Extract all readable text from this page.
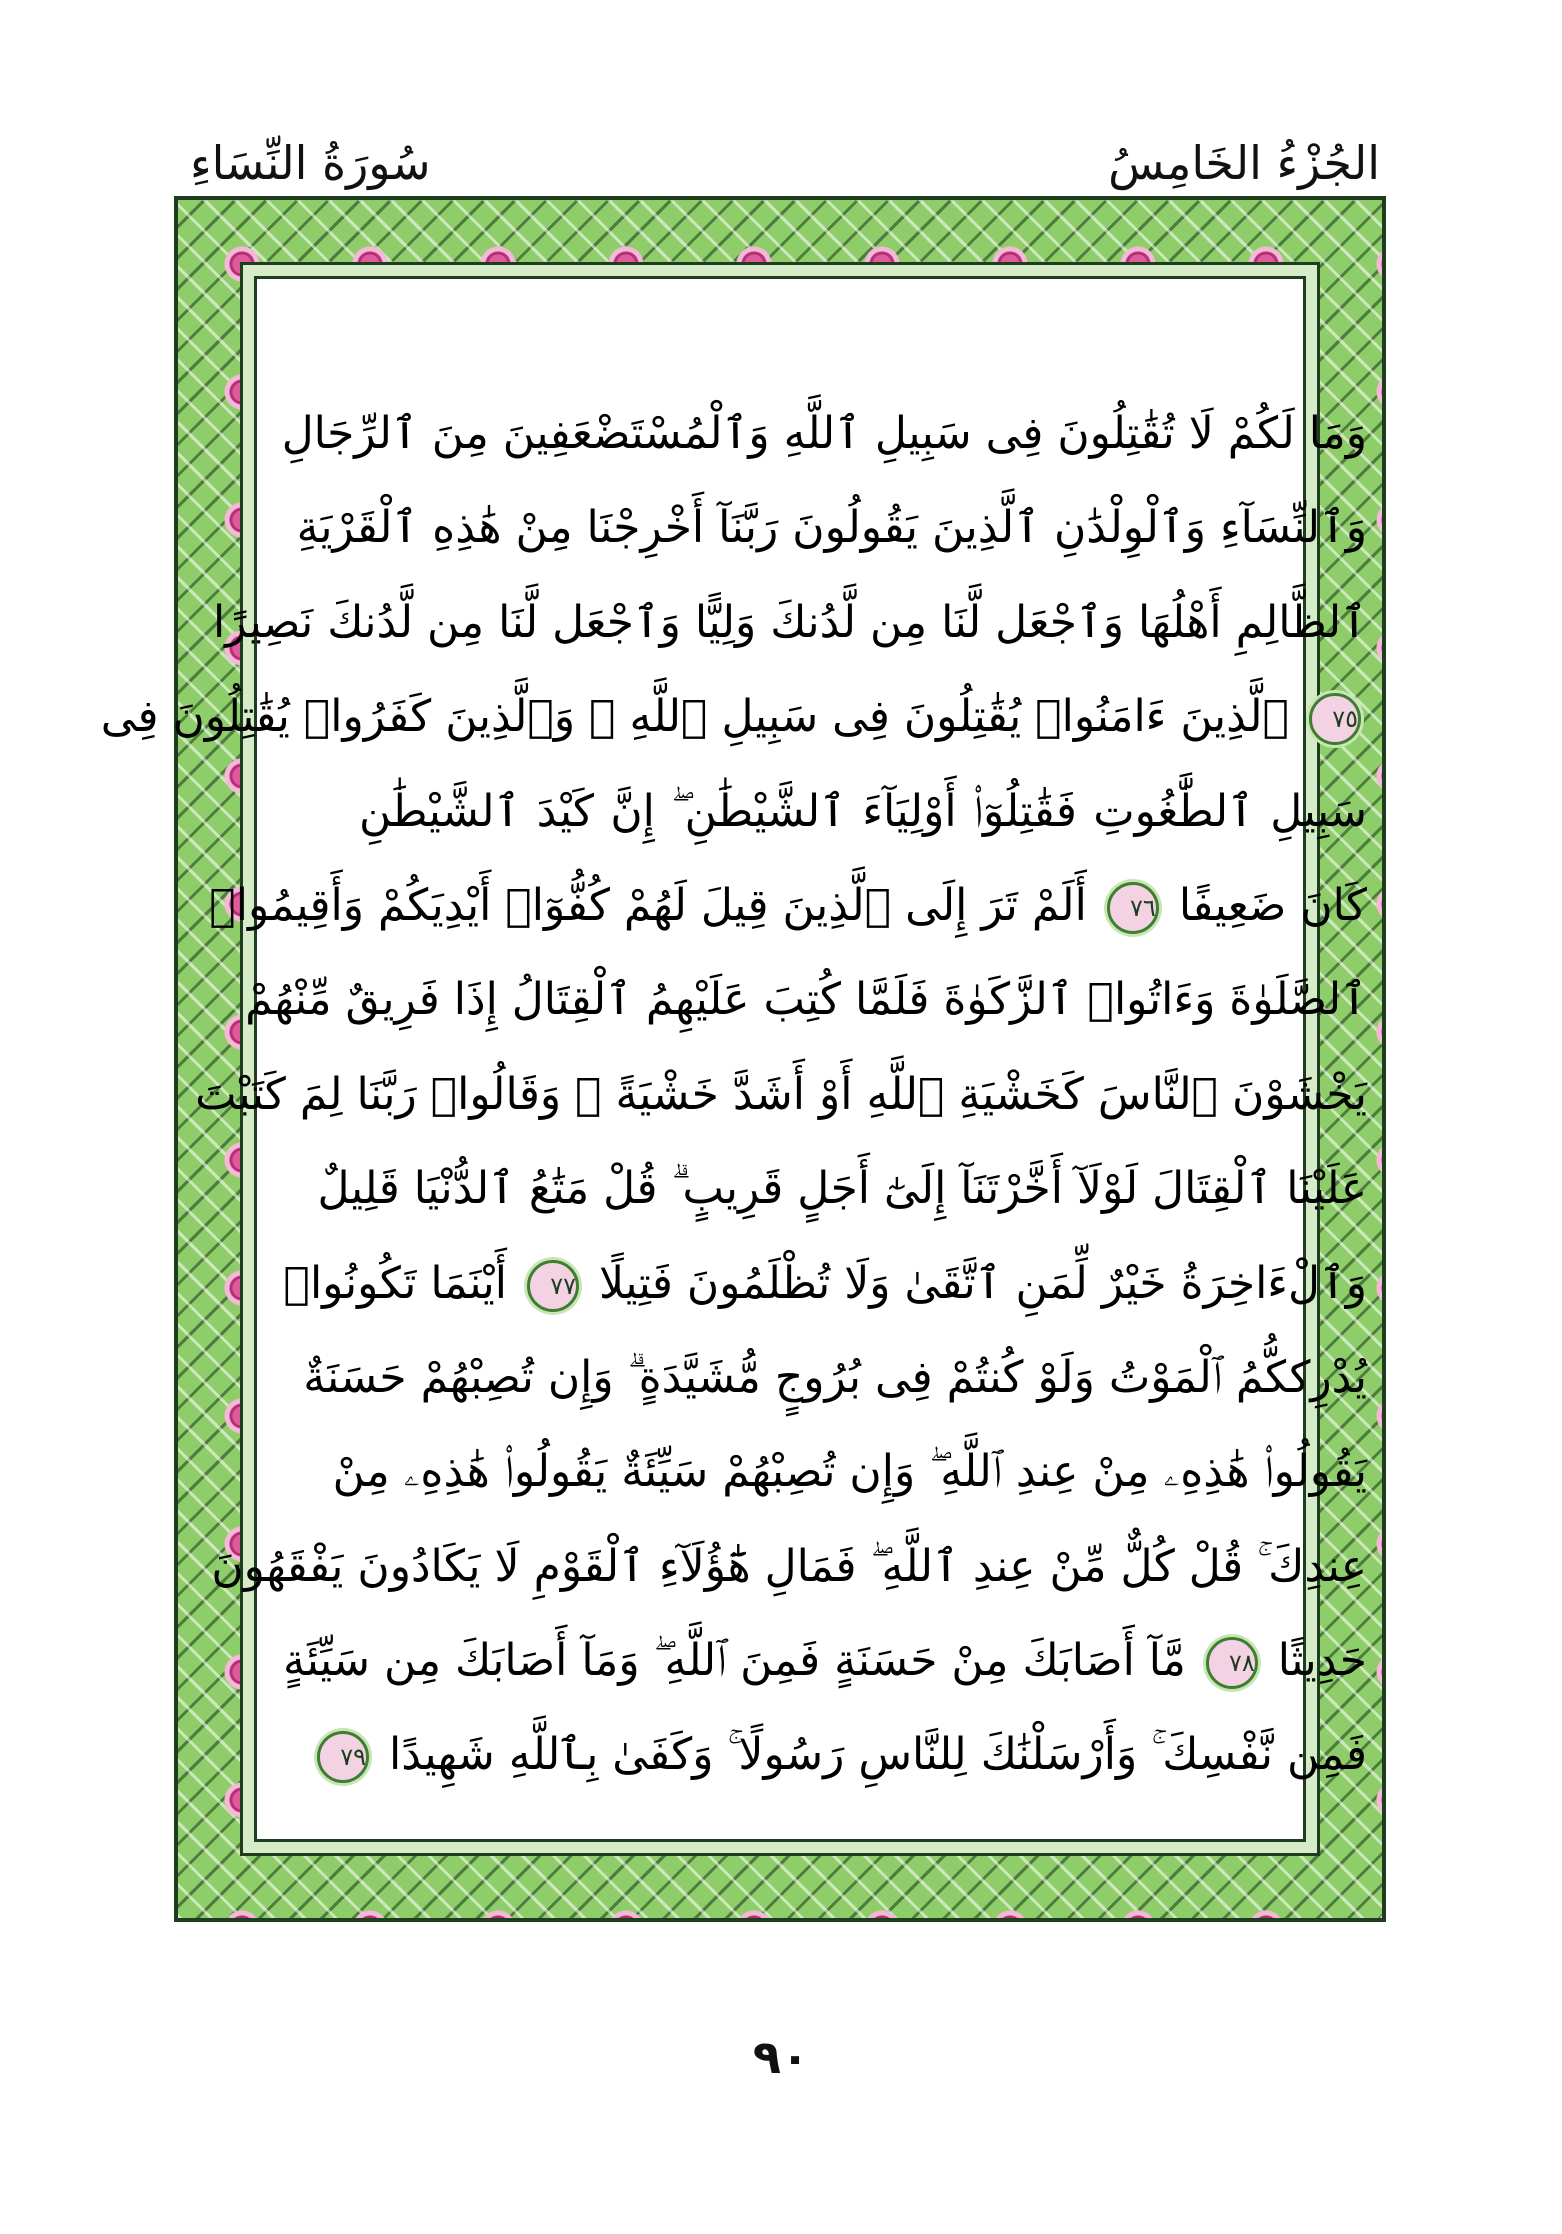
الجُزْءُ الخَامِسُ
سُورَةُ النِّسَاءِ
وَمَا لَكُمْ لَا تُقَٰتِلُونَ فِى سَبِيلِ ٱللَّهِ وَٱلْمُسْتَضْعَفِينَ مِنَ ٱلرِّجَالِ
وَٱلنِّسَآءِ وَٱلْوِلْدَٰنِ ٱلَّذِينَ يَقُولُونَ رَبَّنَآ أَخْرِجْنَا مِنْ هَٰذِهِ ٱلْقَرْيَةِ
ٱلظَّالِمِ أَهْلُهَا وَٱجْعَل لَّنَا مِن لَّدُنكَ وَلِيًّا وَٱجْعَل لَّنَا مِن لَّدُنكَ نَصِيرًا
٧٥ ٱلَّذِينَ ءَامَنُوا۟ يُقَٰتِلُونَ فِى سَبِيلِ ٱللَّهِ ۖ وَٱلَّذِينَ كَفَرُوا۟ يُقَٰتِلُونَ فِى
سَبِيلِ ٱلطَّٰغُوتِ فَقَٰتِلُوٓا۟ أَوْلِيَآءَ ٱلشَّيْطَٰنِ ۖ إِنَّ كَيْدَ ٱلشَّيْطَٰنِ
كَانَ ضَعِيفًا ٧٦ أَلَمْ تَرَ إِلَى ٱلَّذِينَ قِيلَ لَهُمْ كُفُّوٓا۟ أَيْدِيَكُمْ وَأَقِيمُوا۟
ٱلصَّلَوٰةَ وَءَاتُوا۟ ٱلزَّكَوٰةَ فَلَمَّا كُتِبَ عَلَيْهِمُ ٱلْقِتَالُ إِذَا فَرِيقٌ مِّنْهُمْ
يَخْشَوْنَ ٱلنَّاسَ كَخَشْيَةِ ٱللَّهِ أَوْ أَشَدَّ خَشْيَةً ۚ وَقَالُوا۟ رَبَّنَا لِمَ كَتَبْتَ
عَلَيْنَا ٱلْقِتَالَ لَوْلَآ أَخَّرْتَنَآ إِلَىٰٓ أَجَلٍ قَرِيبٍ ۗ قُلْ مَتَٰعُ ٱلدُّنْيَا قَلِيلٌ
وَٱلْءَاخِرَةُ خَيْرٌ لِّمَنِ ٱتَّقَىٰ وَلَا تُظْلَمُونَ فَتِيلًا ٧٧ أَيْنَمَا تَكُونُوا۟
يُدْرِككُّمُ ٱلْمَوْتُ وَلَوْ كُنتُمْ فِى بُرُوجٍ مُّشَيَّدَةٍ ۗ وَإِن تُصِبْهُمْ حَسَنَةٌ
يَقُولُوا۟ هَٰذِهِۦ مِنْ عِندِ ٱللَّهِ ۖ وَإِن تُصِبْهُمْ سَيِّئَةٌ يَقُولُوا۟ هَٰذِهِۦ مِنْ
عِندِكَ ۚ قُلْ كُلٌّ مِّنْ عِندِ ٱللَّهِ ۖ فَمَالِ هَٰٓؤُلَآءِ ٱلْقَوْمِ لَا يَكَادُونَ يَفْقَهُونَ
حَدِيثًا ٧٨ مَّآ أَصَابَكَ مِنْ حَسَنَةٍ فَمِنَ ٱللَّهِ ۖ وَمَآ أَصَابَكَ مِن سَيِّئَةٍ
فَمِن نَّفْسِكَ ۚ وَأَرْسَلْنَٰكَ لِلنَّاسِ رَسُولًا ۚ وَكَفَىٰ بِٱللَّهِ شَهِيدًا ٧٩
٩٠
